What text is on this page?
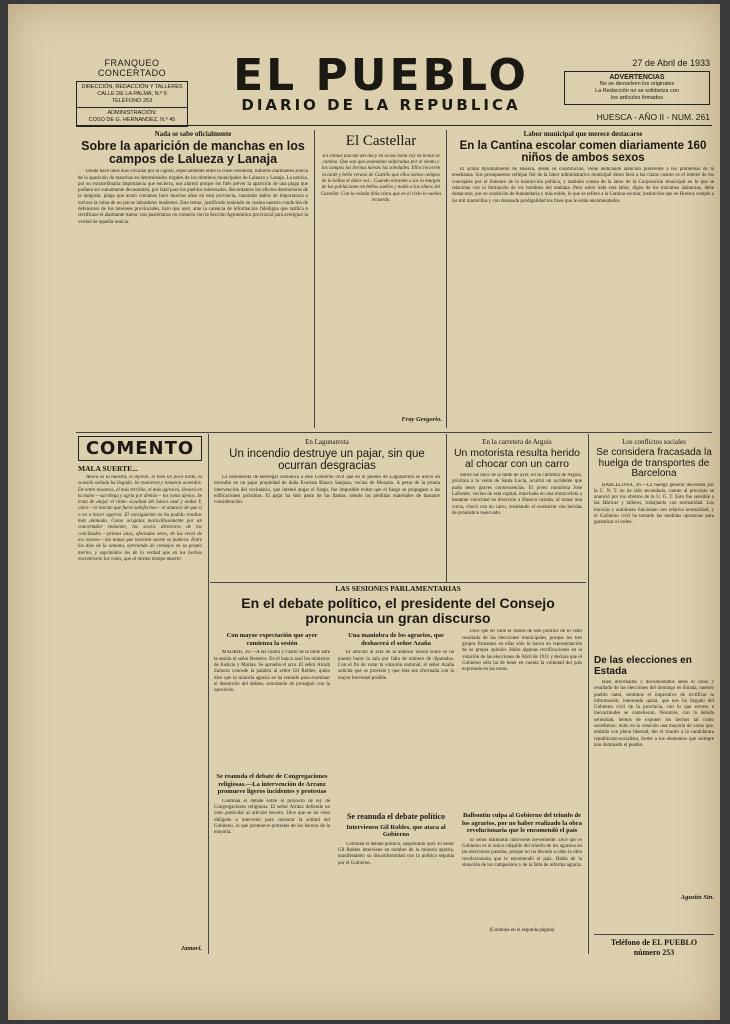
FRANQUEO CONCERTADO
DIRECCIÓN, REDACCIÓN Y TALLERES
CALLE DE LA PALMA, N.º 9
TELÉFONO 253
ADMINISTRACIÓN:
COSO DE G. HERNANDEZ, N.º 45
EL PUEBLO
DIARIO DE LA REPUBLICA
27 de Abril de 1933
ADVERTENCIAS
No se devuelven los originales
La Redacción no se solidariza con
los artículos firmados
HUESCA - AÑO II - NUM. 261
Nada se sabe oficialmente
Sobre la aparición de manchas en los campos de Lalueza y Lanaja

Desde hace unos días circulan por la capital, especialmente entre la clase cerealista, rumores alarmantes acerca de la aparición de manchas en determinados trigales de los términos municipales de Lalueza y Lanaja. La noticia, por su extraordinaria importancia que encierra, nos alarmó porque los fués prever la aparición de una plaga que pudiera ser sumamente devastadora, por fatal para los pueblos interesados. Recordamos los efectos destructores de la langosta, plaga que azotó creíamos hace muchos años en esta provincia, causando daños de importancia e incluso la ruina de no pocos labradores modestos. Este temor, justificado teniendo en cuenta nuestra condición de defensores de los intereses provinciales, hizo que ayer, ante la carencia de información fidedigna que ratifica o rectificase el alarmante rumor, nos pusiéramos en contacto con la Sección Agronómica provincial para averiguar la verdad de aquella noticia.

El Castellar

En clímax placido del día y en ocaso bella voy en bellas el camino. Que son que asomaban salpicadas por el viento y los campos las tiernas mieses las soledades. Ellos recorren la tarde y bello verano de Castillo que ellos somos campos de la bellas el dulce sol... Cuando mirando a las la margen de las poblaciones en bellos sueños y nadie a los olmos del Castellar. Con la velada tibia clara que en el cielo le sueños recuerdo.

Fray Gregorio.
Labor municipal que merece destacarse
En la Cantina escolar comen diariamente 160 niños de ambos sexos

El actual Ayuntamiento de Huesca, desde su constitución, viene dedicando atención preferente a los problemas de la enseñanza. Sus presupuestos reflejan fiel de la labor administrativa municipal dicen bien a las claras cuánto es el interés de los concejales por el fomento de la instrucción pública, y también consta de la labor de la Corporación municipal en lo que se relaciona con la formación de los hombres del mañana. Pero sobre toda esta labor, digna de los máximos alabanzas, debe destacarse, por su condición de humanitaria y más noble, lo que se refiere a la Cantina escolar, institución que en Huesca cumple a las mil maravillas y con desusada prodigalidad los fines que le están encomendados.

COMENTO
MALA SUERTE...

Ahora es la nuestra, el dijeron. Si bien un poco tarde, la ocasión soñada ha llegado. Se reunieron y tomaron acuerdos. De entre nosotros, el más terrible, el más agresivo, llevará en la mano —sacrílega y agria por demás— los votos ajenos. Se trata de atajar el ritmo «Lealtad del banco azul y ondas Y, claro —le hacían que fuera satisfechos— el anuncio de que sí o no a hacer agarrar. El consiguiente no ha podido resultar más animado. Como acogidas maravillosamente por un concertador eminente, los socios directores de los conciliados —primos unos, afectados otros, de las veces de los ocasos— las tomas que tuviesen suerte se pudiera. Entre los días de la semana, ejerciendo de consejos en su propio mérito, y suprimidos los de la verdad que en los hechos encontraron los votos, que al mismo tiempo muerte.

Jamavi.
En Lagunarrota
Un incendio destruye un pajar, sin que ocurran desgracias

La benemérita de Berbegal comunica a este Gobierno civil que en el pueblo de Lagunarrota se inició un incendio en un pajar propiedad de doña Evarista Blasco Sanjuan, vecina de Monzón. A pesar de la pronta intervención del vecindario, que intentó atajar el fuego, fue imposible evitar que el fuego se propagase a las edificaciones próximas. El pajar ha sido pasto de las llamas, siendo las pérdidas materiales de bastante consideración.

En la carretera de Arguis
Un motorista resulta herido al chocar con un carro

Sobre las once de la tarde de ayer, en la carretera de Arguis, próxima a la venta de Santa Lucía, ocurrió un accidente que pudo tener graves consecuencias. El joven motorista José Lafuente, vecino de esta capital, marchaba en una motocicleta a bastante velocidad en dirección a Huesca cuando, al tomar una curva, chocó con un carro, resultando el conductor con heridas de pronóstico reservado.

Los conflictos sociales
Se considera fracasada la huelga de transportes de Barcelona

BARCELONA, 26.—La huelga general decretada por la C. N. T. no ha sido secundada, cuanto al principio se anunció por los obreros de la U. G. T. Esto fue sensible a las fábricas y talleres, trabajando con normalidad. Los tranvías y autobuses funcionan con relativa normalidad, y el Gobierno civil ha tomado las medidas oportunas para garantizar el orden.

LAS SESIONES PARLAMENTARIAS
En el debate político, el presidente del Consejo pronuncia un gran discurso
Con mayor expectación que ayer comienza la sesión

MADRID, 26.—A las cuatro y cuarto de la tarde abre la sesión el señor Besteiro. En el banco azul los ministros de Justicia y Marina. Se aprueba el acta. El señor Alcalá Zamora concede la palabra al señor Gil Robles, quien dice que la minoría agraria se ha reunido para examinar el desarrollo del debate, acordando de proseguir con la oposición.

Se reanuda el debate de Congregaciones religiosas.—La intervención de Arranz promueve ligeros incidentes y protestas

Continúa el debate sobre el proyecto de ley de Congregaciones religiosas. El señor Arranz defiende un voto particular al artículo tercero. Dice que se ha visto obligado a intervenir para censurar la actitud del Gobierno, lo que promueve protestas de los bancos de la mayoría.

Una maniobra de los agrarios, que deshacerá el señor Azaña

El artículo al acta de la anterior sesión sobre se ha puesto hacer la sala por falta de número de diputados. Con el fin de votar la votación nominal, el señor Azaña solicita que se proceda y que ésta sea efectuada con la mayor brevedad posible.

Se reanuda el debate político
Intervienen Gil Robles, que ataca al Gobierno

Continúa el debate político, suspendido ayer. El señor Gil Robles interviene en nombre de la minoría agraria, manifestando su disconformidad con la política seguida por el Gobierno.

Dice que en vano el ilustre de este político de lo visto resultado de las elecciones municipales, porque los tres grupos firmantes en ellas sólo lo hacen en representación de su propia opinión. Hubo algunas rectificaciones en la votación de las elecciones de Abril de 1931 y declara que el Gobierno sólo ha de tener en cuenta la voluntad del país expresada en las urnas.

Balbontín culpa al Gobierno del triunfo de los agrarios, por no haber realizado la obra revolucionaria que le encomendó el país

El señor Balbontín interviene brevemente. Dice que el Gobierno es el único culpable del triunfo de los agrarios en las elecciones pasadas, porque no ha llevado a cabo la obra revolucionaria que le encomendó el país. Habla de la situación de los campesinos y de la falta de reforma agraria.

(Continúa en la segunda página)
De las elecciones en Estada

Bien informados y documentados antes el curso y resultado de las elecciones del domingo en Estada, nuestro pueblo natal, sentimos el imperativo de rectificar la información, interesada quizá, que nos ha llegado del Gobierno civil de la provincia, con lo que errores e inexactitudes se cometieron. Nosotros, con la debida serenidad, hemos de exponer los hechos tal como sucedieron: hubo en la votación una mayoría de votos que, emitida con plena libertad, dio el triunfo a la candidatura republicano-socialista, frente a los elementos que siempre han dominado el pueblo.

Agustín Sin.
Teléfono de EL PUEBLO
número 253
